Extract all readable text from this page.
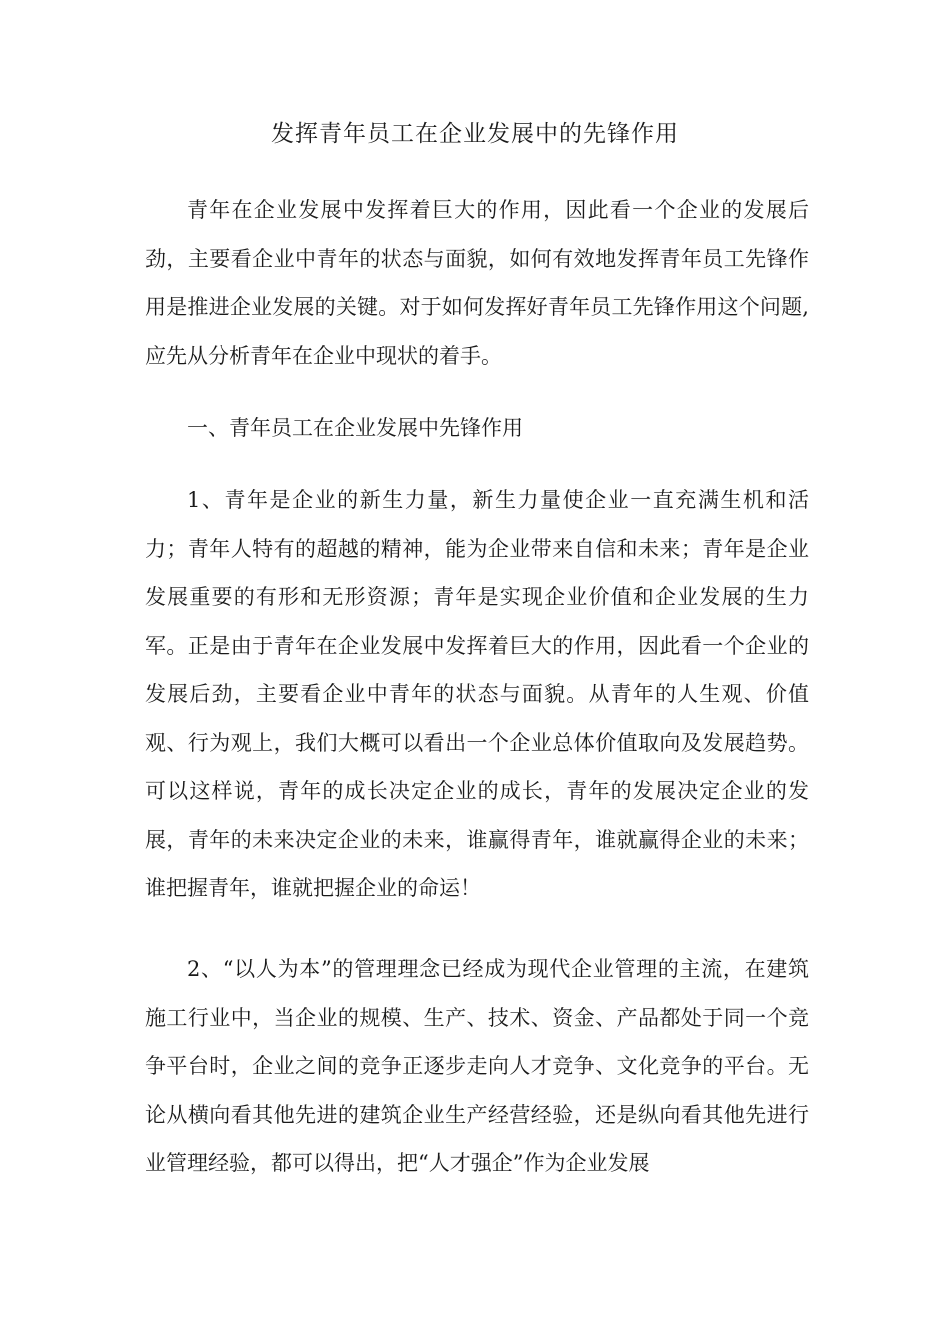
发挥青年员工在企业发展中的先锋作用

青年在企业发展中发挥着巨大的作用，因此看一个企业的发展后劲，主要看企业中青年的状态与面貌，如何有效地发挥青年员工先锋作用是推进企业发展的关键。对于如何发挥好青年员工先锋作用这个问题,应先从分析青年在企业中现状的着手。

一、青年员工在企业发展中先锋作用

1、青年是企业的新生力量，新生力量使企业一直充满生机和活力；青年人特有的超越的精神，能为企业带来自信和未来；青年是企业发展重要的有形和无形资源；青年是实现企业价值和企业发展的生力军。正是由于青年在企业发展中发挥着巨大的作用，因此看一个企业的发展后劲，主要看企业中青年的状态与面貌。从青年的人生观、价值观、行为观上，我们大概可以看出一个企业总体价值取向及发展趋势。可以这样说，青年的成长决定企业的成长，青年的发展决定企业的发展，青年的未来决定企业的未来，谁赢得青年，谁就赢得企业的未来；谁把握青年，谁就把握企业的命运！

2、“以人为本”的管理理念已经成为现代企业管理的主流，在建筑施工行业中，当企业的规模、生产、技术、资金、产品都处于同一个竞争平台时，企业之间的竞争正逐步走向人才竞争、文化竞争的平台。无论从横向看其他先进的建筑企业生产经营经验，还是纵向看其他先进行业管理经验，都可以得出，把“人才强企”作为企业发展
